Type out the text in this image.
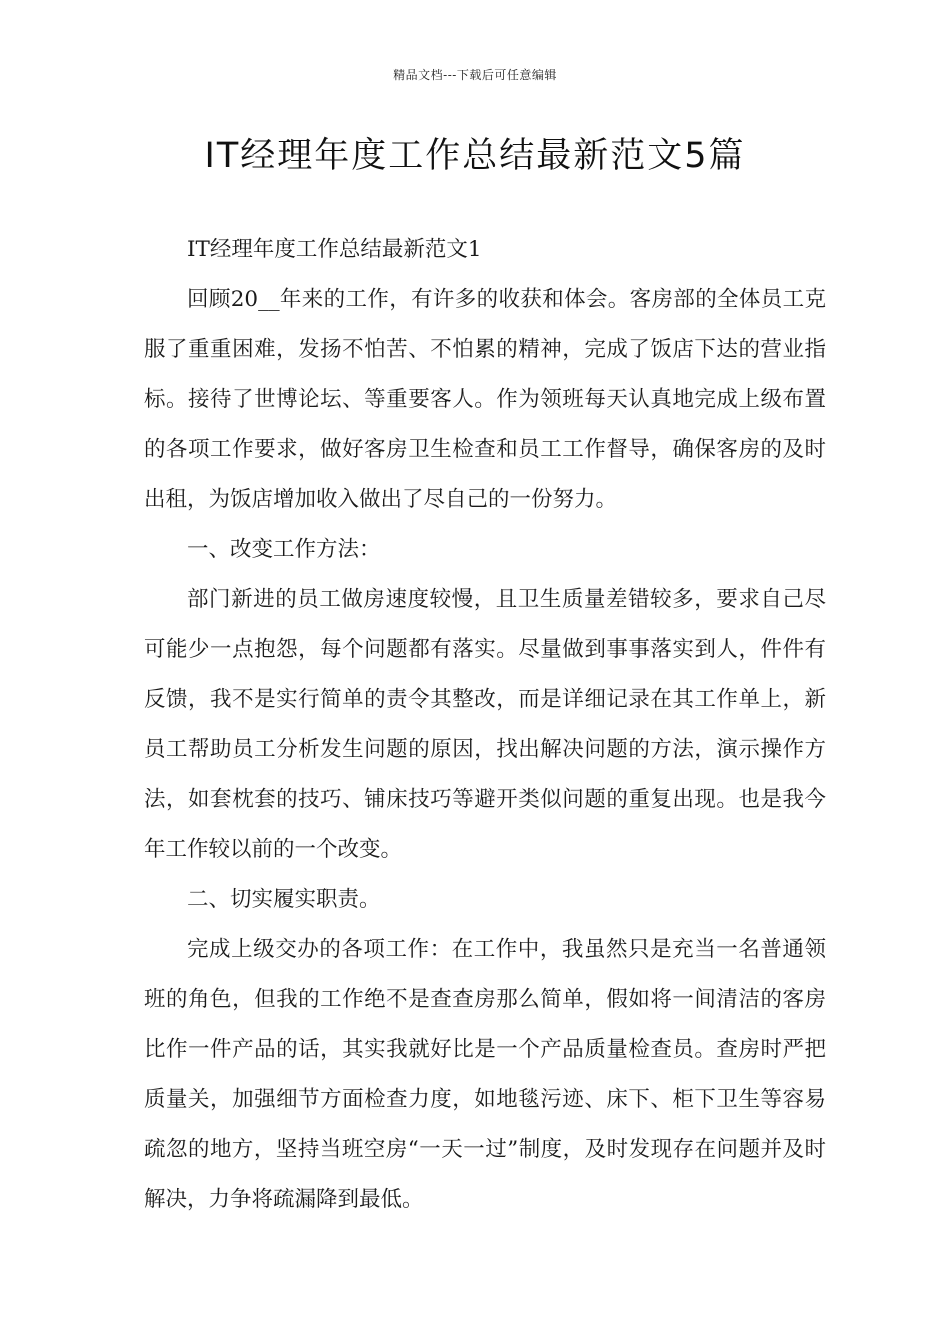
精品文档---下载后可任意编辑
IT经理年度工作总结最新范文5篇

IT经理年度工作总结最新范文1

回顾20__年来的工作，有许多的收获和体会。客房部的全体员工克服了重重困难，发扬不怕苦、不怕累的精神，完成了饭店下达的营业指标。接待了世博论坛、等重要客人。作为领班每天认真地完成上级布置的各项工作要求，做好客房卫生检查和员工工作督导，确保客房的及时出租，为饭店增加收入做出了尽自己的一份努力。

一、改变工作方法：

部门新进的员工做房速度较慢，且卫生质量差错较多，要求自己尽可能少一点抱怨，每个问题都有落实。尽量做到事事落实到人，件件有反馈，我不是实行简单的责令其整改，而是详细记录在其工作单上，新员工帮助员工分析发生问题的原因，找出解决问题的方法，演示操作方法，如套枕套的技巧、铺床技巧等避开类似问题的重复出现。也是我今年工作较以前的一个改变。

二、切实履实职责。

完成上级交办的各项工作：在工作中，我虽然只是充当一名普通领班的角色，但我的工作绝不是查查房那么简单，假如将一间清洁的客房比作一件产品的话，其实我就好比是一个产品质量检查员。查房时严把质量关，加强细节方面检查力度，如地毯污迹、床下、柜下卫生等容易疏忽的地方，坚持当班空房“一天一过”制度，及时发现存在问题并及时解决，力争将疏漏降到最低。
